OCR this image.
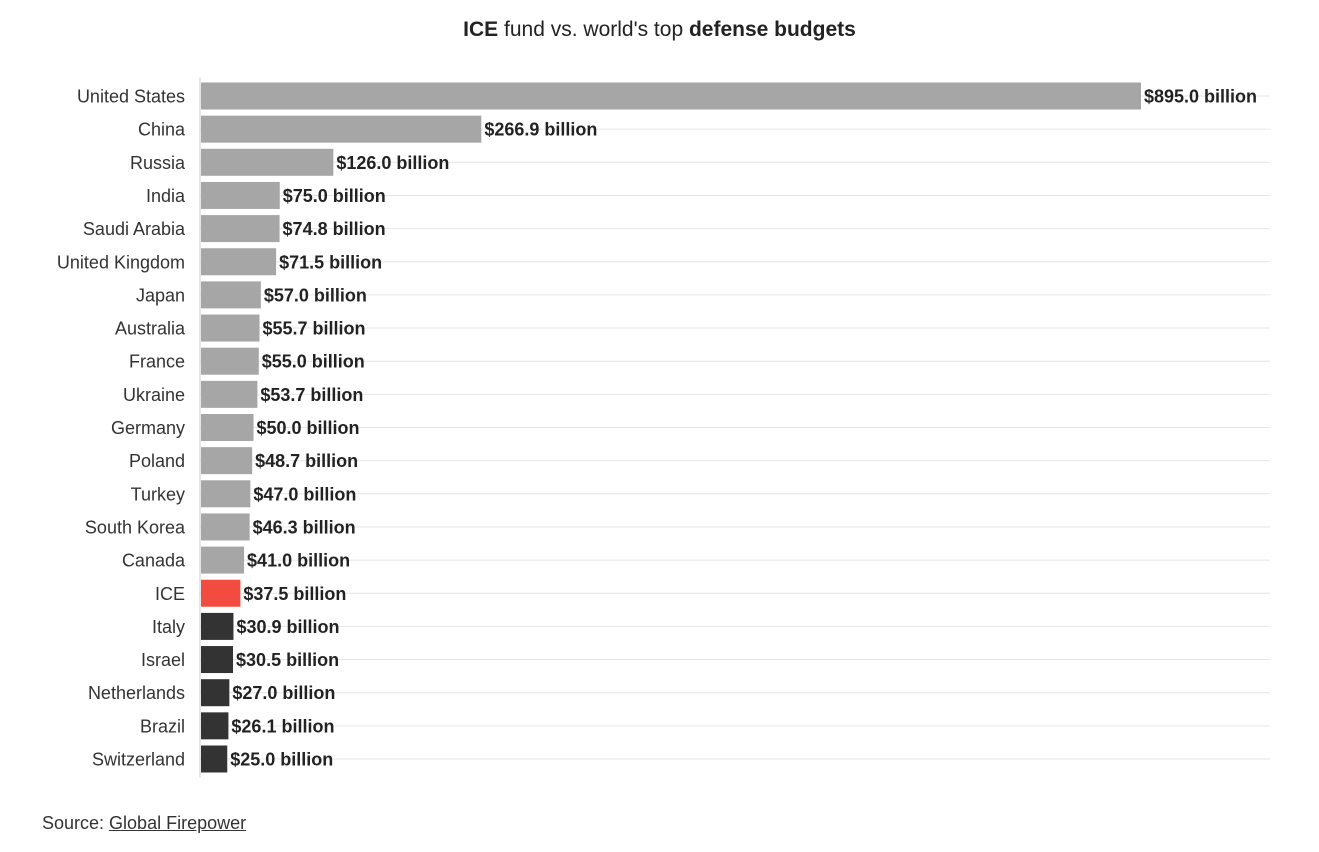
ICE fund vs. world's top defense budgets
United States	$895.0 billion
China	$266.9 billion
Russia	$126.0 billion
India	$75.0 billion
Saudi Arabia	$74.8 billion
United Kingdom	$71.5 billion
Japan	$57.0 billion
Australia	$55.7 billion
France	$55.0 billion
Ukraine	$53.7 billion
Germany	$50.0 billion
Poland	$48.7 billion
Turkey	$47.0 billion
South Korea	$46.3 billion
Canada	$41.0 billion
ICE	$37.5 billion
Italy	$30.9 billion
Israel	$30.5 billion
Netherlands	$27.0 billion
Brazil	$26.1 billion
Switzerland	$25.0 billion
Source: Global Firepower
